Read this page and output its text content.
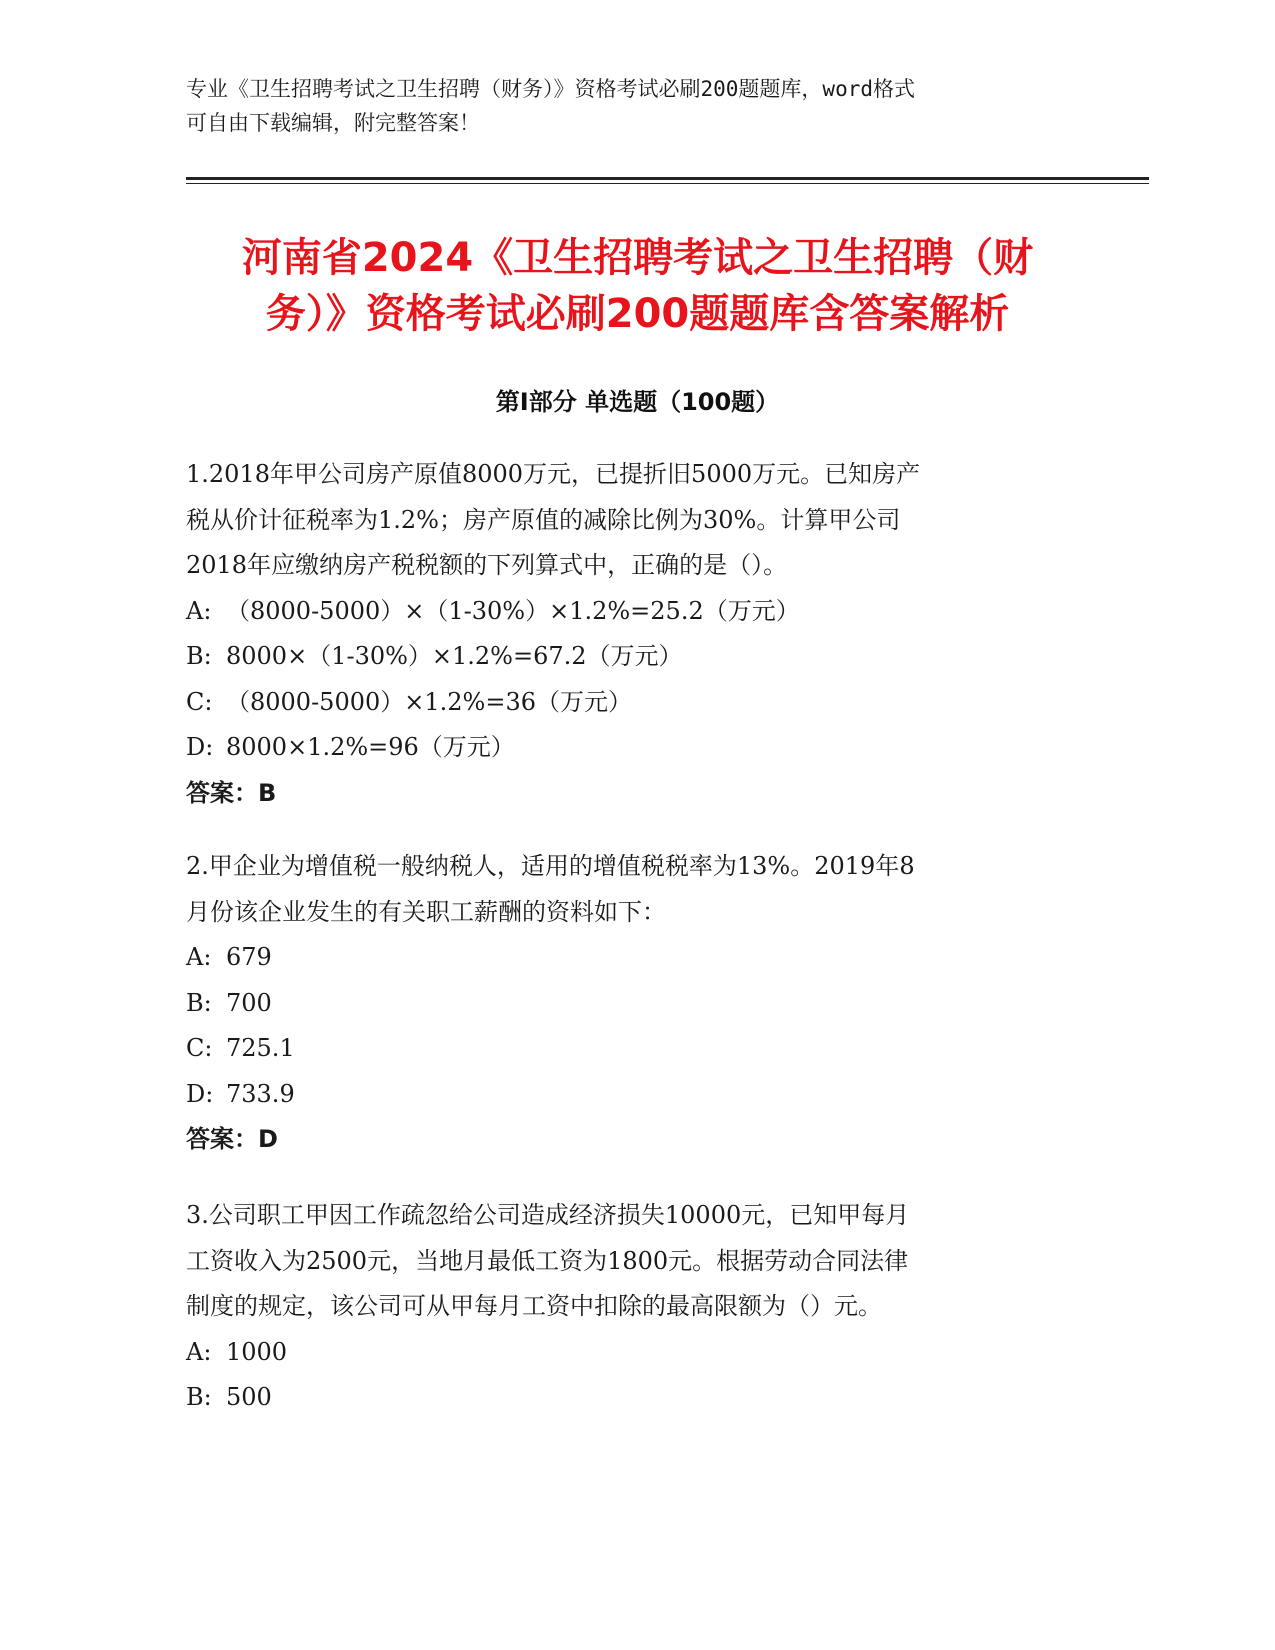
专业《卫生招聘考试之卫生招聘（财务）》资格考试必刷200题题库，word格式
可自由下载编辑，附完整答案！
河南省2024《卫生招聘考试之卫生招聘（财
务）》资格考试必刷200题题库含答案解析
第Ⅰ部分 单选题（100题）
1.2018年甲公司房产原值8000万元，已提折旧5000万元。已知房产
税从价计征税率为1.2%；房产原值的减除比例为30%。计算甲公司
2018年应缴纳房产税税额的下列算式中，正确的是（）。
A: （8000-5000）×（1-30%）×1.2%=25.2（万元）
B: 8000×（1-30%）×1.2%=67.2（万元）
C: （8000-5000）×1.2%=36（万元）
D: 8000×1.2%=96（万元）
答案：B
2.甲企业为增值税一般纳税人，适用的增值税税率为13%。2019年8
月份该企业发生的有关职工薪酬的资料如下：
A: 679
B: 700
C: 725.1
D: 733.9
答案：D
3.公司职工甲因工作疏忽给公司造成经济损失10000元，已知甲每月
工资收入为2500元，当地月最低工资为1800元。根据劳动合同法律
制度的规定，该公司可从甲每月工资中扣除的最高限额为（）元。
A: 1000
B: 500
